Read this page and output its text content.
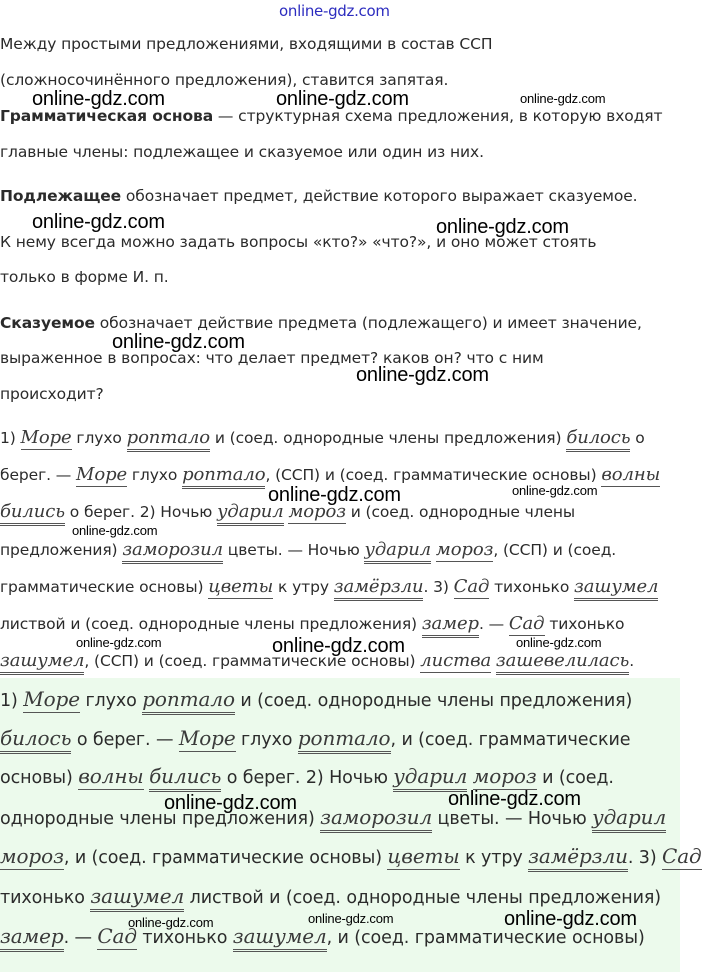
online-gdz.com
Между простыми предложениями, входящими в состав ССП
(сложносочинённого предложения), ставится запятая.
Грамматическая основа — структурная схема предложения, в которую входят
главные члены: подлежащее и сказуемое или один из них.
Подлежащее обозначает предмет, действие которого выражает сказуемое.
К нему всегда можно задать вопросы «кто?» «что?», и оно может стоять
только в форме И. п.
Сказуемое обозначает действие предмета (подлежащего) и имеет значение,
выраженное в вопросах: что делает предмет? каков он? что с ним
происходит?
1) Море глухо роптало и (соед. однородные члены предложения) билось о
берег. — Море глухо роптало, (ССП) и (соед. грамматические основы) волны
бились о берег. 2) Ночью ударил мороз и (соед. однородные члены
предложения) заморозил цветы. — Ночью ударил мороз, (ССП) и (соед.
грамматические основы) цветы к утру замёрзли. 3) Сад тихонько зашумел
листвой и (соед. однородные члены предложения) замер. — Сад тихонько
зашумел, (ССП) и (соед. грамматические основы) листва зашевелилась.
1) Море глухо роптало и (соед. однородные члены предложения)
билось о берег. — Море глухо роптало, и (соед. грамматические
основы) волны бились о берег. 2) Ночью ударил мороз и (соед.
однородные члены предложения) заморозил цветы. — Ночью ударил
мороз, и (соед. грамматические основы) цветы к утру замёрзли. 3) Сад
тихонько зашумел листвой и (соед. однородные члены предложения)
замер. — Сад тихонько зашумел, и (соед. грамматические основы)
online-gdz.com	online-gdz.com	online-gdz.com
online-gdz.com	online-gdz.com
online-gdz.com
online-gdz.com
online-gdz.com	online-gdz.com
online-gdz.com
online-gdz.com
online-gdz.com	online-gdz.com
online-gdz.com	online-gdz.com
online-gdz.com	online-gdz.com	online-gdz.com
